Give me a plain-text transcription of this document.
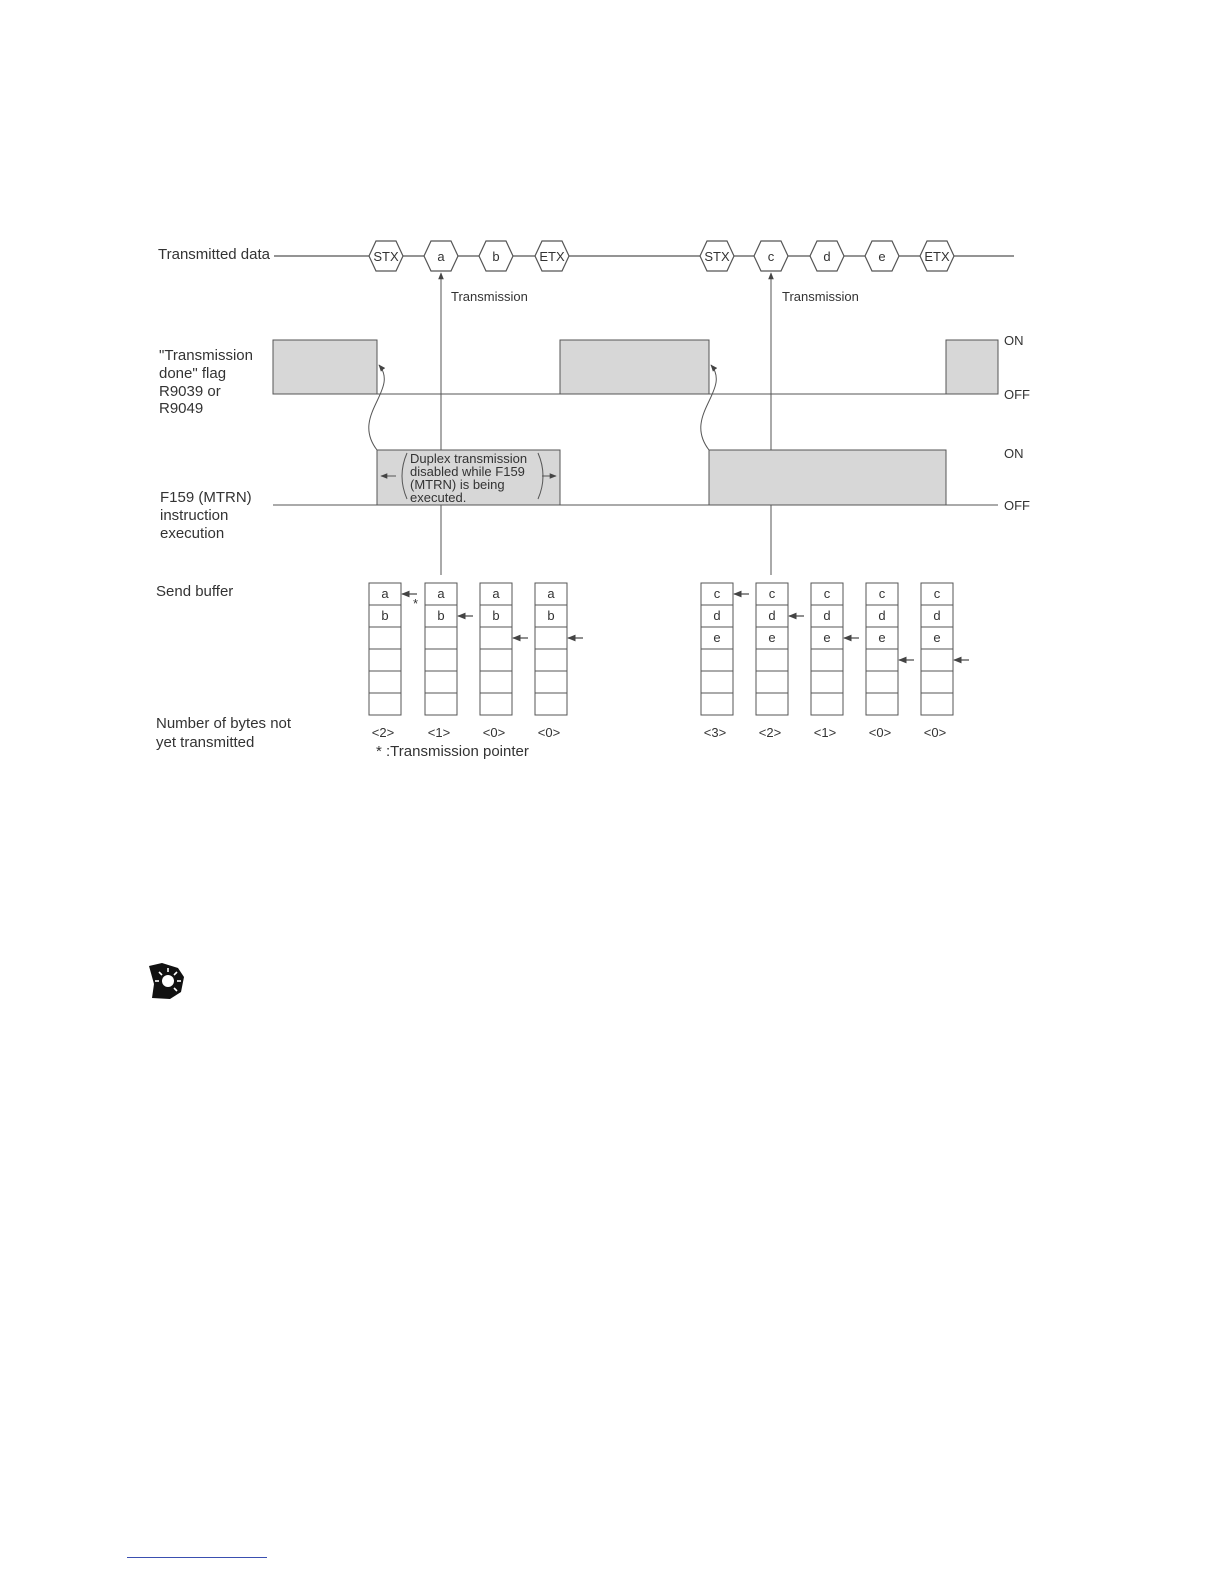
Transmitted data
"Transmission
done" flag
R9039 or
R9049
F159 (MTRN)
instruction
execution
Send buffer
Number of bytes not
yet transmitted
STX	a	b	ETX	STX	c	d	e	ETX
Transmission	Transmission
ON
OFF
ON
OFF
Duplex transmission
disabled while F159
(MTRN) is being
executed.
a
b
<2>
a
b
<1>
a
b
<0>
a
b
<0>
c
d
e
<3>
c
d
e
<2>
c
d
e
<1>
c
d
e
<0>
c
d
e
<0>
*
* :Transmission pointer
